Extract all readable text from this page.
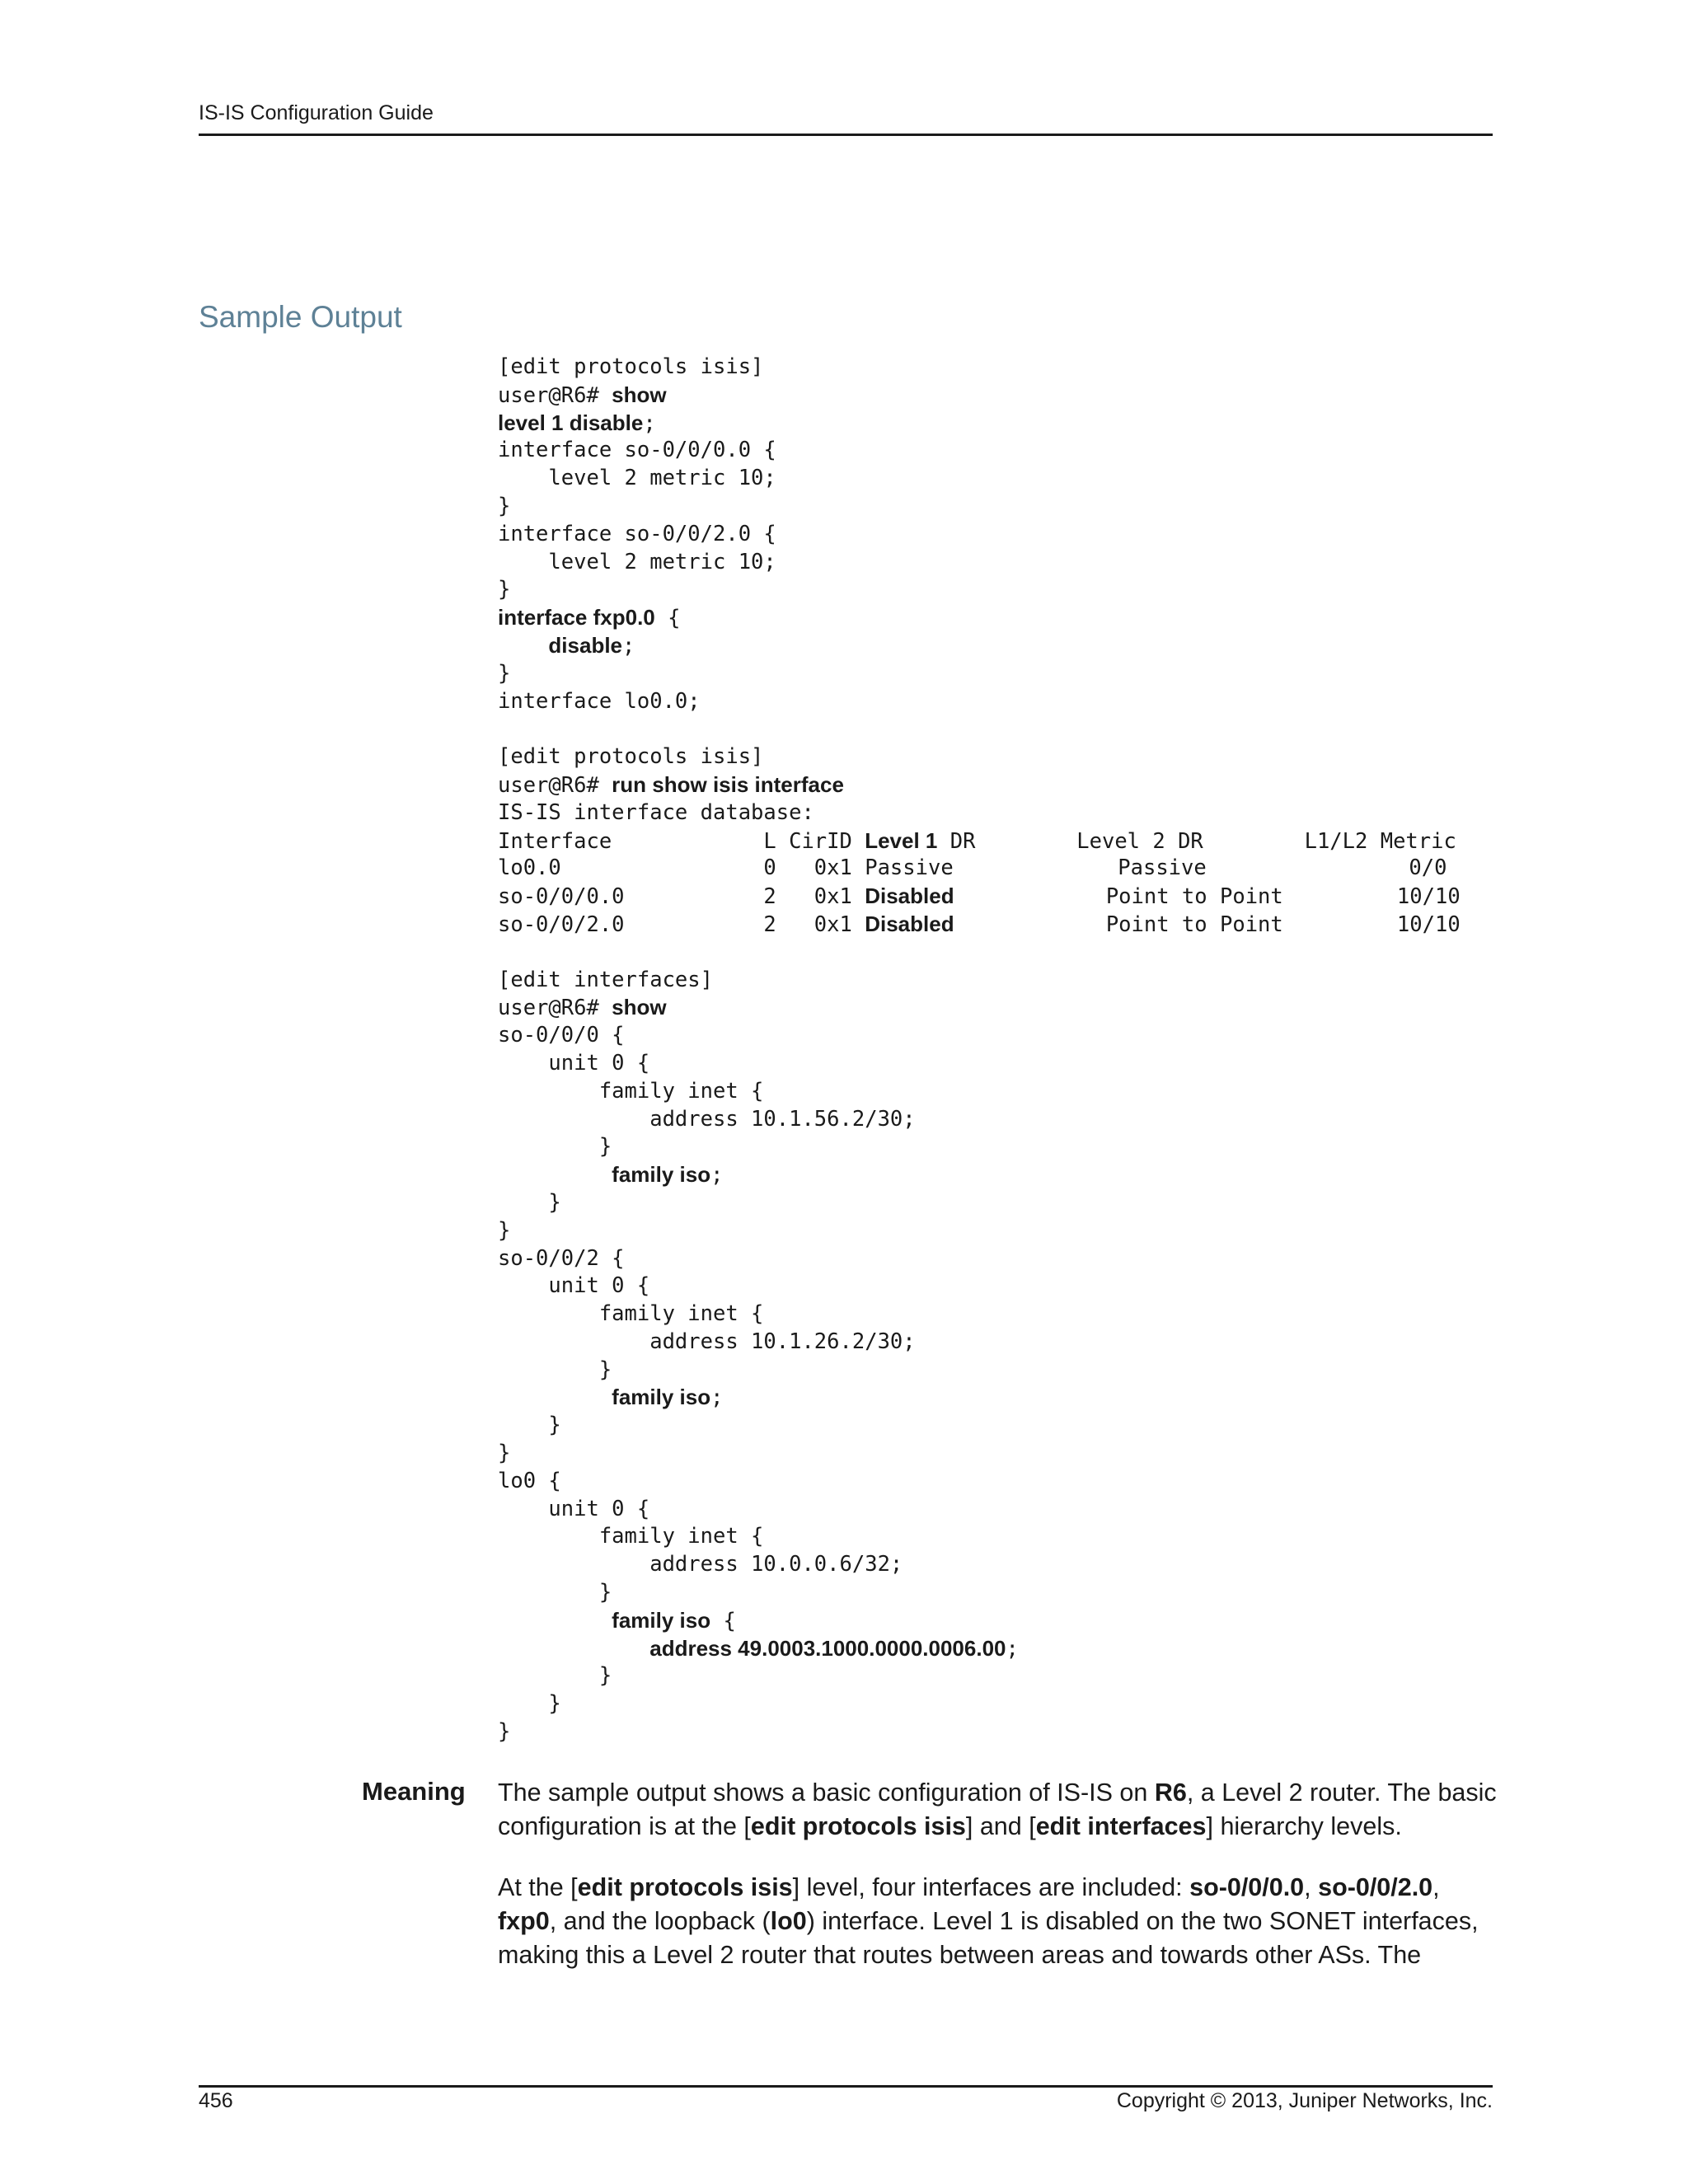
IS-IS Configuration Guide
Sample Output
[edit protocols isis]
user@R6# show
level 1 disable;
interface so-0/0/0.0 {
level 2 metric 10;
}
interface so-0/0/2.0 {
level 2 metric 10;
}
interface fxp0.0 {
disable;
}
interface lo0.0;
[edit protocols isis]
user@R6# run show isis interface
IS-IS interface database:
Interface            L CirID Level 1 DR        Level 2 DR        L1/L2 Metric
lo0.0                0   0x1 Passive             Passive                0/0
so-0/0/0.0           2   0x1 Disabled            Point to Point         10/10
so-0/0/2.0           2   0x1 Disabled            Point to Point         10/10
[edit interfaces]
user@R6# show
so-0/0/0 {
unit 0 {
family inet {
address 10.1.56.2/30;
}
family iso;
}
}
so-0/0/2 {
unit 0 {
family inet {
address 10.1.26.2/30;
}
family iso;
}
}
lo0 {
unit 0 {
family inet {
address 10.0.0.6/32;
}
family iso {
address 49.0003.1000.0000.0006.00;
}
}
}
Meaning The sample output shows a basic configuration of IS-IS on R6, a Level 2 router. The basic configuration is at the [edit protocols isis] and [edit interfaces] hierarchy levels.

At the [edit protocols isis] level, four interfaces are included: so-0/0/0.0, so-0/0/2.0, fxp0, and the loopback (lo0) interface. Level 1 is disabled on the two SONET interfaces, making this a Level 2 router that routes between areas and towards other ASs. The

456	Copyright © 2013, Juniper Networks, Inc.
